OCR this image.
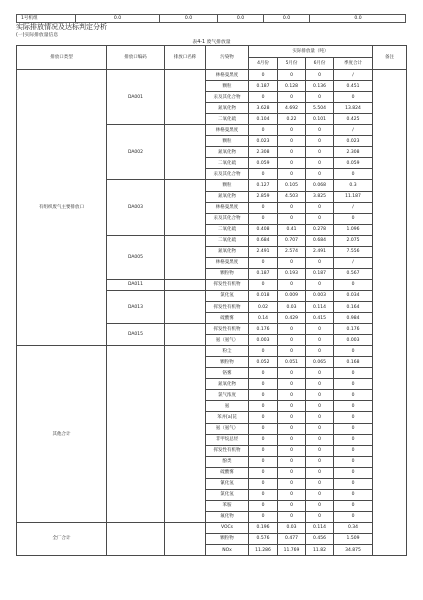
1号机组	0.0	0.0	0.0	0.0	0.0
实际排放情况及达标判定分析
(一)实际排放量信息
表4-1 废气排放量
排放口类型	排放口编码	排放口名称	污染物	实际排放量（吨）				备注
				4月份	5月份	6月份	季度合计	
有组织废气主要排放口	DA001		林格曼黑度	0	0	0	/	
			颗粒	0.187	0.128	0.136	0.451	
			汞及其化合物	0	0	0	0	
			氮氧化物	3.628	4.692	5.504	13.824	
			二氧化硫	0.104	0.22	0.101	0.425	
	DA002		林格曼黑度	0	0	0	/	
			颗粒	0.023	0	0	0.023	
			氮氧化物	2.308	0	0	2.308	
			二氧化硫	0.059	0	0	0.059	
			汞及其化合物	0	0	0	0	
	DA003		颗粒	0.127	0.105	0.068	0.3	
			氮氧化物	2.859	4.503	3.825	11.187	
			林格曼黑度	0	0	0	/	
			汞及其化合物	0	0	0	0	
			二氧化硫	0.408	0.41	0.278	1.096	
	DA005		二氧化硫	0.684	0.707	0.684	2.075	
			氮氧化物	2.491	2.574	2.491	7.556	
			林格曼黑度	0	0	0	/	
			颗粒物	0.187	0.193	0.187	0.567	
	DA011		挥发性有机物	0	0	0	0	
	DA013		氯化氢	0.018	0.009	0.003	0.034	
			挥发性有机物	0.02	0.03	0.114	0.164	
			硫酸雾	0.14	0.429	0.415	0.984	
	DA015		挥发性有机物	0.176	0	0	0.176	
			氨（氨气）	0.003	0	0	0.003	
其他合计			粉尘	0	0	0	0	
			颗粒物	0.052	0.051	0.065	0.168	
			铬雾	0	0	0	0	
			氮氧化物	0	0	0	0	
			氯气浓度	0	0	0	0	
			氨	0	0	0	0	
			苯并[a]芘	0	0	0	0	
			氨（氨气）	0	0	0	0	
			非甲烷总烃	0	0	0	0	
			挥发性有机物	0	0	0	0	
			酚类	0	0	0	0	
			硫酸雾	0	0	0	0	
			氰化氢	0	0	0	0	
			氯化氢	0	0	0	0	
			苯胺	0	0	0	0	
			氟化物	0	0	0	0	
全厂合计			VOCs	0.196	0.03	0.114	0.34	
			颗粒物	0.576	0.477	0.456	1.509	
			NOx	11.286	11.769	11.82	34.875	
